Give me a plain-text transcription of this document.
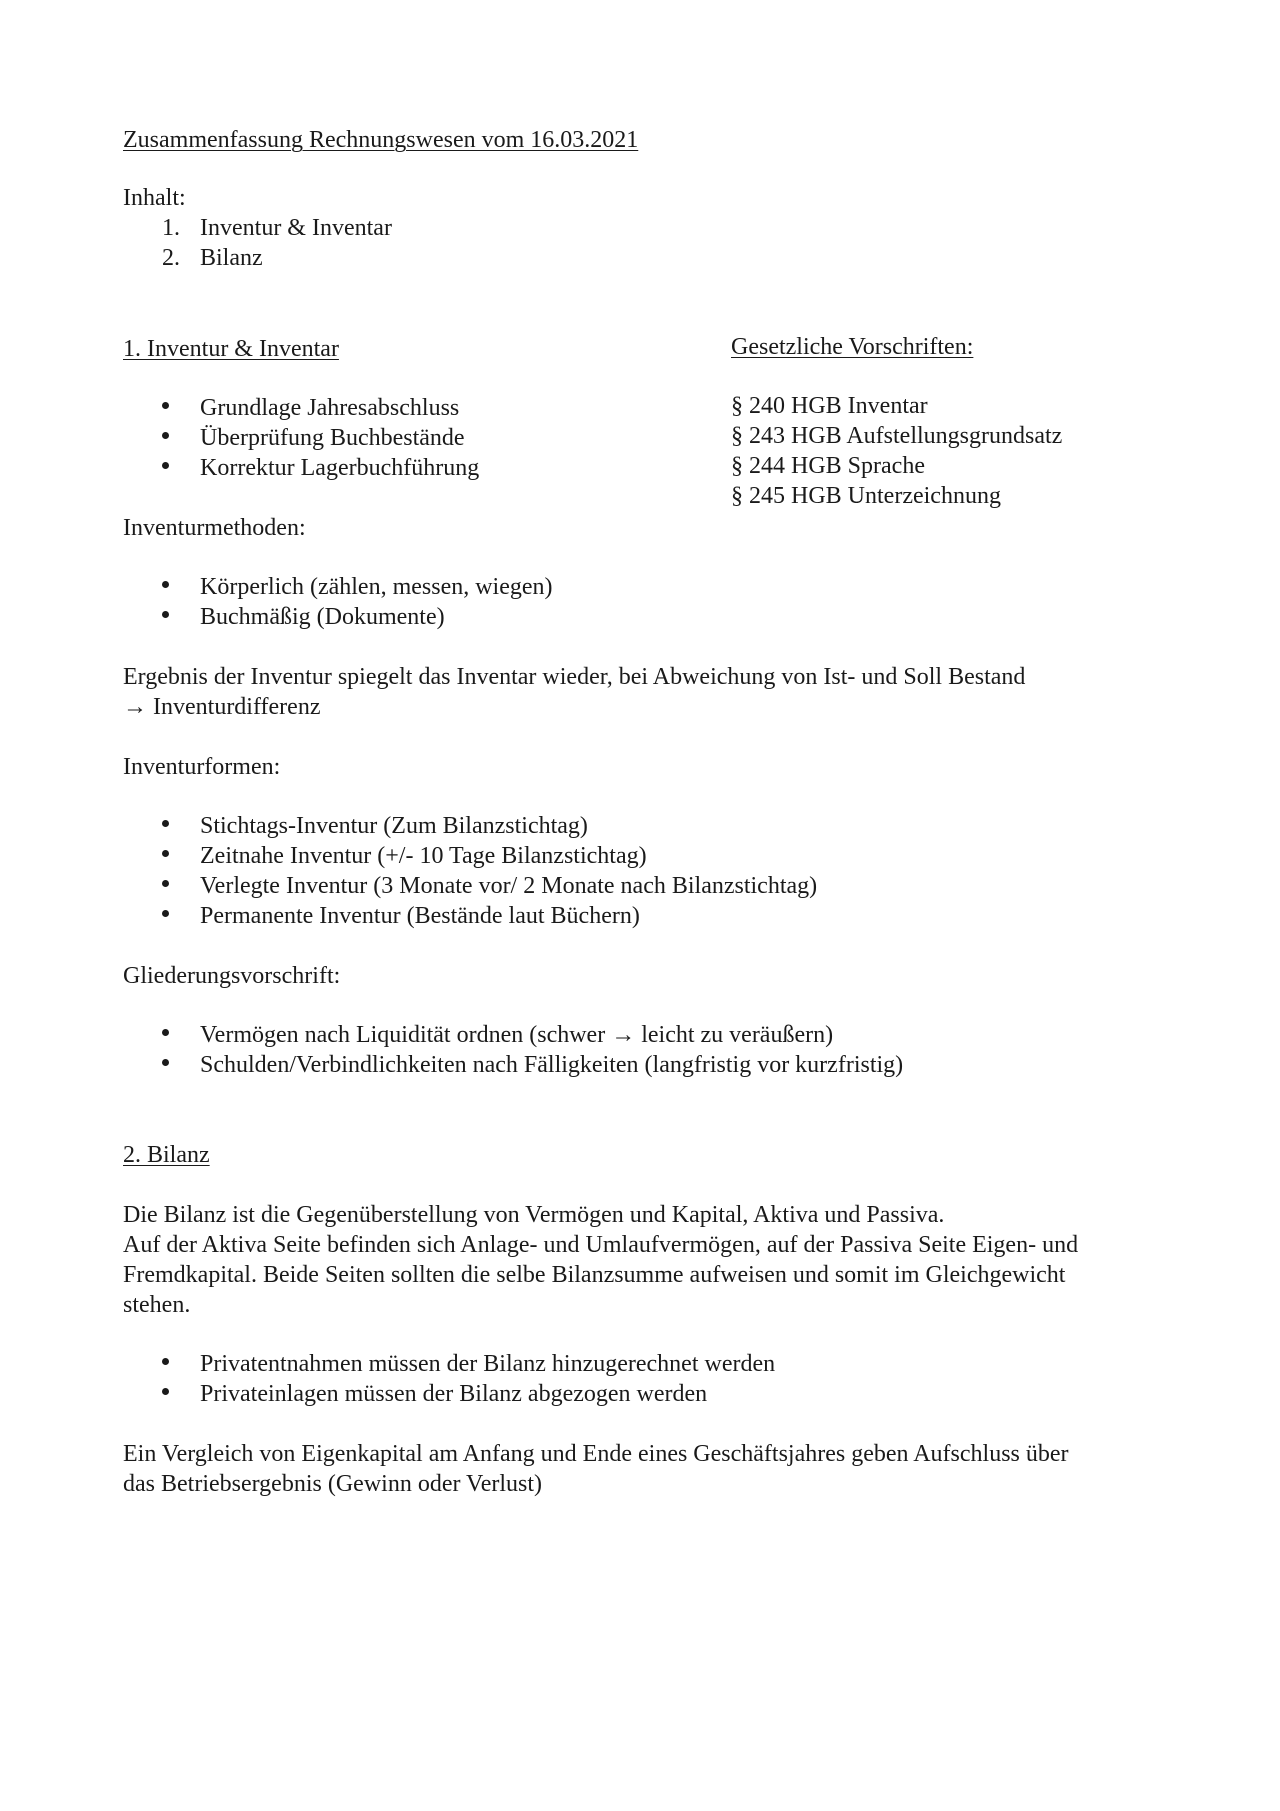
Zusammenfassung Rechnungswesen vom 16.03.2021
Inhalt:
1. Inventur & Inventar
2. Bilanz
1. Inventur & Inventar	Gesetzliche Vorschriften:
§ 240 HGB Inventar
§ 243 HGB Aufstellungsgrundsatz
§ 244 HGB Sprache
§ 245 HGB Unterzeichnung
Grundlage Jahresabschluss
Überprüfung Buchbestände
Korrektur Lagerbuchführung
Inventurmethoden:
Körperlich (zählen, messen, wiegen)
Buchmäßig (Dokumente)
Ergebnis der Inventur spiegelt das Inventar wieder, bei Abweichung von Ist- und Soll Bestand
→ Inventurdifferenz
Inventurformen:
Stichtags-Inventur (Zum Bilanzstichtag)
Zeitnahe Inventur (+/- 10 Tage Bilanzstichtag)
Verlegte Inventur (3 Monate vor/ 2 Monate nach Bilanzstichtag)
Permanente Inventur (Bestände laut Büchern)
Gliederungsvorschrift:
Vermögen nach Liquidität ordnen (schwer → leicht zu veräußern)
Schulden/Verbindlichkeiten nach Fälligkeiten (langfristig vor kurzfristig)
2. Bilanz
Die Bilanz ist die Gegenüberstellung von Vermögen und Kapital, Aktiva und Passiva.
Auf der Aktiva Seite befinden sich Anlage- und Umlaufvermögen, auf der Passiva Seite Eigen- und
Fremdkapital. Beide Seiten sollten die selbe Bilanzsumme aufweisen und somit im Gleichgewicht
stehen.
Privatentnahmen müssen der Bilanz hinzugerechnet werden
Privateinlagen müssen der Bilanz abgezogen werden
Ein Vergleich von Eigenkapital am Anfang und Ende eines Geschäftsjahres geben Aufschluss über
das Betriebsergebnis (Gewinn oder Verlust)
